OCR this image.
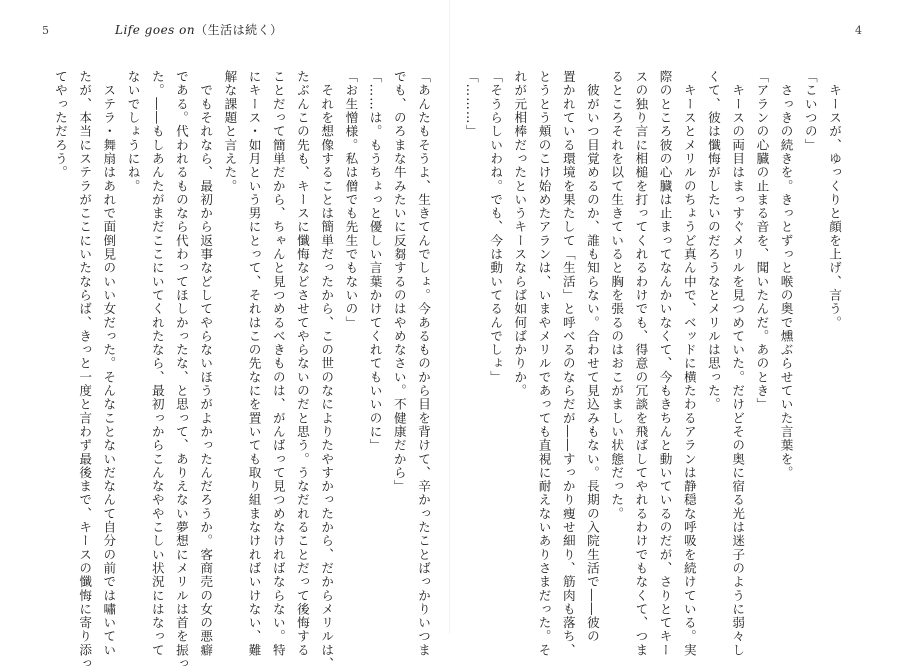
5	Life goes on（生活は続く）	4
　キースが、ゆっくりと顔を上げ、言う。
「こいつの」
　さっきの続きを。きっとずっと喉の奥で燻ぶらせていた言葉を。
「アランの心臓の止まる音を、聞いたんだ。あのとき」
　キースの両目はまっすぐメリルを見つめていた。だけどその奥に宿る光は迷子のように弱々し
くて、彼は懺悔がしたいのだろうなとメリルは思った。
　キースとメリルのちょうど真ん中で、ベッドに横たわるアランは静穏な呼吸を続けている。実
際のところ彼の心臓は止まってなんかいなくて、今もきちんと動いているのだが、さりとてキー
スの独り言に相槌を打ってくれるわけでも、得意の冗談を飛ばしてやれるわけでもなくて、つま
るところそれを以て生きていると胸を張るのはおこがましい状態だった。
　彼がいつ目覚めるのか、誰も知らない。合わせて見込みもない。長期の入院生活で――彼の
置かれている環境を果たして「生活」と呼べるのならだが――すっかり痩せ細り、筋肉も落ち、
とうとう頬のこけ始めたアランは、いまやメリルであっても直視に耐えないありさまだった。そ
れが元相棒だったというキースならば如何ばかりか。
「そうらしいわね。でも、今は動いてるんでしょ」
「………」
「あんたもそうよ、生きてんでしょ。今あるものから目を背けて、辛かったことばっかりいつま
でも、のろまな牛みたいに反芻するのはやめなさい。不健康だから」
「……は。もうちょっと優しい言葉かけてくれてもいいのに」
「お生憎様。私は僧でも先生でもないの」
　それを想像することは簡単だったから、この世のなによりたやすかったから、だからメリルは、
たぶんこの先も、キースに懺悔などさせてやらないのだと思う。うなだれることだって後悔する
ことだって簡単だから、ちゃんと見つめるべきものは、がんばって見つめなければならない。特
にキース・如月という男にとって、それはこの先なにを置いても取り組まなければいけない、難
解な課題と言えた。
　でもそれなら、最初から返事などしてやらないほうがよかったんだろうか。客商売の女の悪癖
である。代われるものなら代わってほしかったな、と思って、ありえない夢想にメリルは首を振っ
た。――もしあんたがまだここにいてくれたなら、最初っからこんなややこしい状況にはなって
ないでしょうにね。
　ステラ・舞扇はあれで面倒見のいい女だった。そんなことないだなんて自分の前では嘯いてい
たが、本当にステラがここにいたならば、きっと一度と言わず最後まで、キースの懺悔に寄り添っ
てやっただろう。
